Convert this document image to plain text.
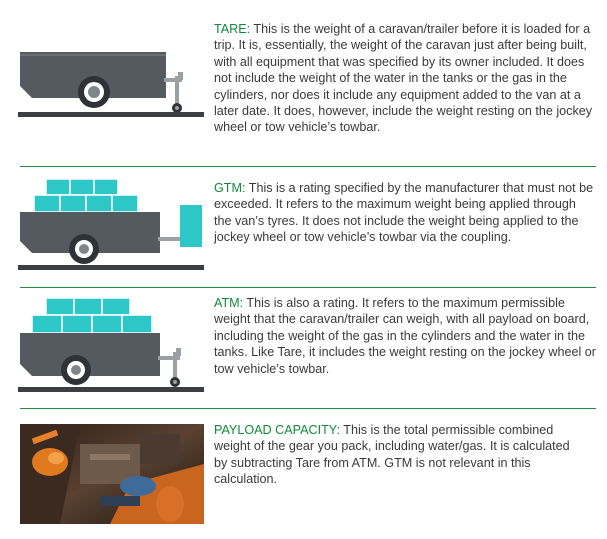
TARE: This is the weight of a caravan/trailer before it is loaded for a trip. It is, essentially, the weight of the caravan just after being built, with all equipment that was specified by its owner included. It does not include the weight of the water in the tanks or the gas in the cylinders, nor does it include any equipment added to the van at a later date. It does, however, include the weight resting on the jockey wheel or tow vehicle’s towbar.

GTM: This is a rating specified by the manufacturer that must not be exceeded. It refers to the maximum weight being applied through the van’s tyres. It does not include the weight being applied to the jockey wheel or tow vehicle’s towbar via the coupling.

ATM: This is also a rating. It refers to the maximum permissible weight that the caravan/trailer can weigh, with all payload on board, including the weight of the gas in the cylinders and the water in the tanks. Like Tare, it includes the weight resting on the jockey wheel or tow vehicle’s towbar.

PAYLOAD CAPACITY: This is the total permissible combined weight of the gear you pack, including water/gas. It is calculated by subtracting Tare from ATM. GTM is not relevant in this calculation.
